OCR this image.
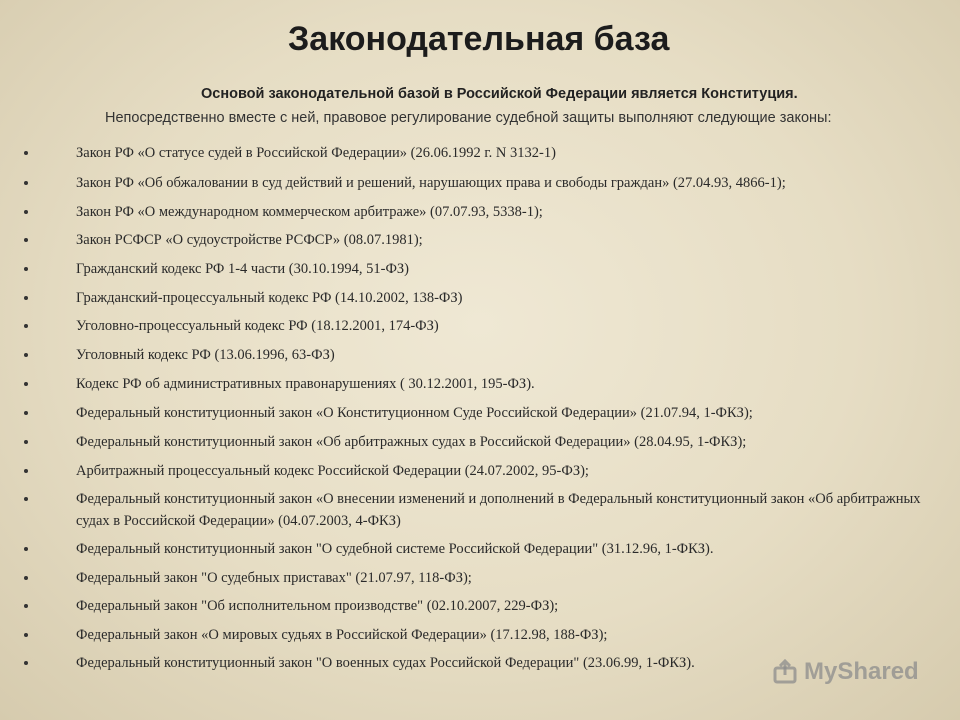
Законодательная база
Основой законодательной базой в Российской Федерации является Конституция.
Непосредственно вместе с ней, правовое регулирование судебной защиты выполняют следующие законы:
Закон РФ «О статусе судей в Российской Федерации» (26.06.1992 г. N 3132-1)
Закон РФ «Об обжаловании в суд действий и решений, нарушающих права и свободы граждан» (27.04.93, 4866-1);
Закон РФ «О международном коммерческом арбитраже» (07.07.93, 5338-1);
Закон РСФСР «О судоустройстве РСФСР» (08.07.1981);
Гражданский кодекс РФ 1-4 части (30.10.1994, 51-ФЗ)
Гражданский-процессуальный кодекс РФ (14.10.2002, 138-ФЗ)
Уголовно-процессуальный кодекс РФ (18.12.2001, 174-ФЗ)
Уголовный кодекс РФ (13.06.1996, 63-ФЗ)
Кодекс РФ об административных правонарушениях ( 30.12.2001, 195-ФЗ).
Федеральный конституционный закон «О Конституционном Суде Российской Федерации» (21.07.94, 1-ФКЗ);
Федеральный конституционный закон «Об арбитражных судах в Российской Федерации» (28.04.95, 1-ФКЗ);
Арбитражный процессуальный кодекс Российской Федерации (24.07.2002, 95-ФЗ);
Федеральный конституционный закон «О внесении изменений и дополнений в Федеральный конституционный закон «Об арбитражных судах в Российской Федерации» (04.07.2003, 4-ФКЗ)
Федеральный конституционный закон "О судебной системе Российской Федерации" (31.12.96, 1-ФКЗ).
Федеральный закон "О судебных приставах" (21.07.97, 118-ФЗ);
Федеральный закон "Об исполнительном производстве" (02.10.2007, 229-ФЗ);
Федеральный закон «О мировых судьях в Российской Федерации» (17.12.98, 188-ФЗ);
Федеральный конституционный закон "О военных судах Российской Федерации" (23.06.99, 1-ФКЗ).	MyShared
